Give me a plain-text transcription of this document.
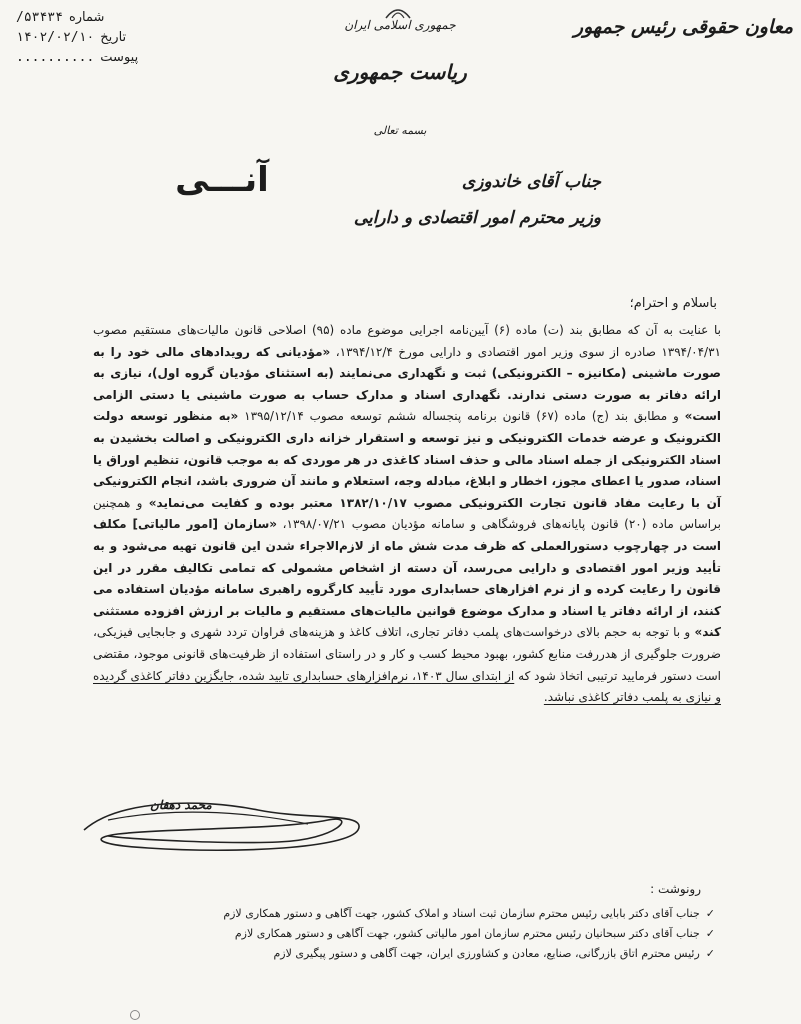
شماره
۵۳۴۳۴/
تاریخ
۱۴۰۲/۰۲/۱۰
پیوست
..........
جمهوری اسلامی ایران
ریاست جمهوری
معاون حقوقی رئیس جمهور
بسمه تعالی
آنـــی	جناب آقای خاندوزی
وزیر محترم امور اقتصادی و دارایی
باسلام و احترام؛
با عنایت به آن که مطابق بند (ت) ماده (۶) آیین‌نامه اجرایی موضوع ماده (۹۵) اصلاحی قانون مالیات‌های مستقیم مصوب ۱۳۹۴/۰۴/۳۱ صادره از سوی وزیر امور اقتصادی و دارایی مورخ ۱۳۹۴/۱۲/۴، «مؤدیانی که رویدادهای مالی خود را به صورت ماشینی (مکانیزه – الکترونیکی) ثبت و نگهداری می‌نمایند (به استثنای مؤدیان گروه اول)، نیازی به ارائه دفاتر به صورت دستی ندارند. نگهداری اسناد و مدارک حساب به صورت ماشینی یا دستی الزامی است» و مطابق بند (ج) ماده (۶۷) قانون برنامه پنجساله ششم توسعه مصوب ۱۳۹۵/۱۲/۱۴ «به منظور توسعه دولت الکترونیک و عرضه خدمات الکترونیکی و نیز توسعه و استقرار خزانه داری الکترونیکی و اصالت بخشیدن به اسناد الکترونیکی از جمله اسناد مالی و حذف اسناد کاغذی در هر موردی که به موجب قانون، تنظیم اوراق یا اسناد، صدور یا اعطای مجوز، اخطار و ابلاغ، مبادله وجه، استعلام و مانند آن ضروری باشد، انجام الکترونیکی آن با رعایت مفاد قانون تجارت الکترونیکی مصوب ۱۳۸۲/۱۰/۱۷ معتبر بوده و کفایت می‌نماید» و همچنین براساس ماده (۲۰) قانون پایانه‌های فروشگاهی و سامانه مؤدیان مصوب ۱۳۹۸/۰۷/۲۱، «سازمان [امور مالیاتی] مکلف است در چهارچوب دستورالعملی که ظرف مدت شش ماه از لازم‌الاجراء شدن این قانون تهیه می‌شود و به تأیید وزیر امور اقتصادی و دارایی می‌رسد، آن دسته از اشخاص مشمولی که تمامی تکالیف مقرر در این قانون را رعایت کرده و از نرم افزارهای حسابداری مورد تأیید کارگروه راهبری سامانه مؤدیان استفاده می کنند، از ارائه دفاتر یا اسناد و مدارک موضوع قوانین مالیات‌های مستقیم و مالیات بر ارزش افزوده مستثنی کند» و با توجه به حجم بالای درخواست‌های پلمب دفاتر تجاری، اتلاف کاغذ و هزینه‌های فراوان تردد شهری و جابجایی فیزیکی، ضرورت جلوگیری از هدررفت منابع کشور، بهبود محیط کسب و کار و در راستای استفاده از ظرفیت‌های قانونی موجود، مقتضی است دستور فرمایید ترتیبی اتخاذ شود که از ابتدای سال ۱۴۰۳، نرم‌افزارهای حسابداری تایید شده، جایگزین دفاتر کاغذی گردیده و نیازی به پلمب دفاتر کاغذی نباشد.
محمد دهقان
رونوشت :
✓
جناب آقای دکتر بابایی رئیس محترم سازمان ثبت اسناد و املاک کشور، جهت آگاهی و دستور همکاری لازم
✓
جناب آقای دکتر سبحانیان رئیس محترم سازمان امور مالیاتی کشور، جهت آگاهی و دستور همکاری لازم
✓
رئیس محترم اتاق بازرگانی، صنایع، معادن و کشاورزی ایران، جهت آگاهی و دستور پیگیری لازم
